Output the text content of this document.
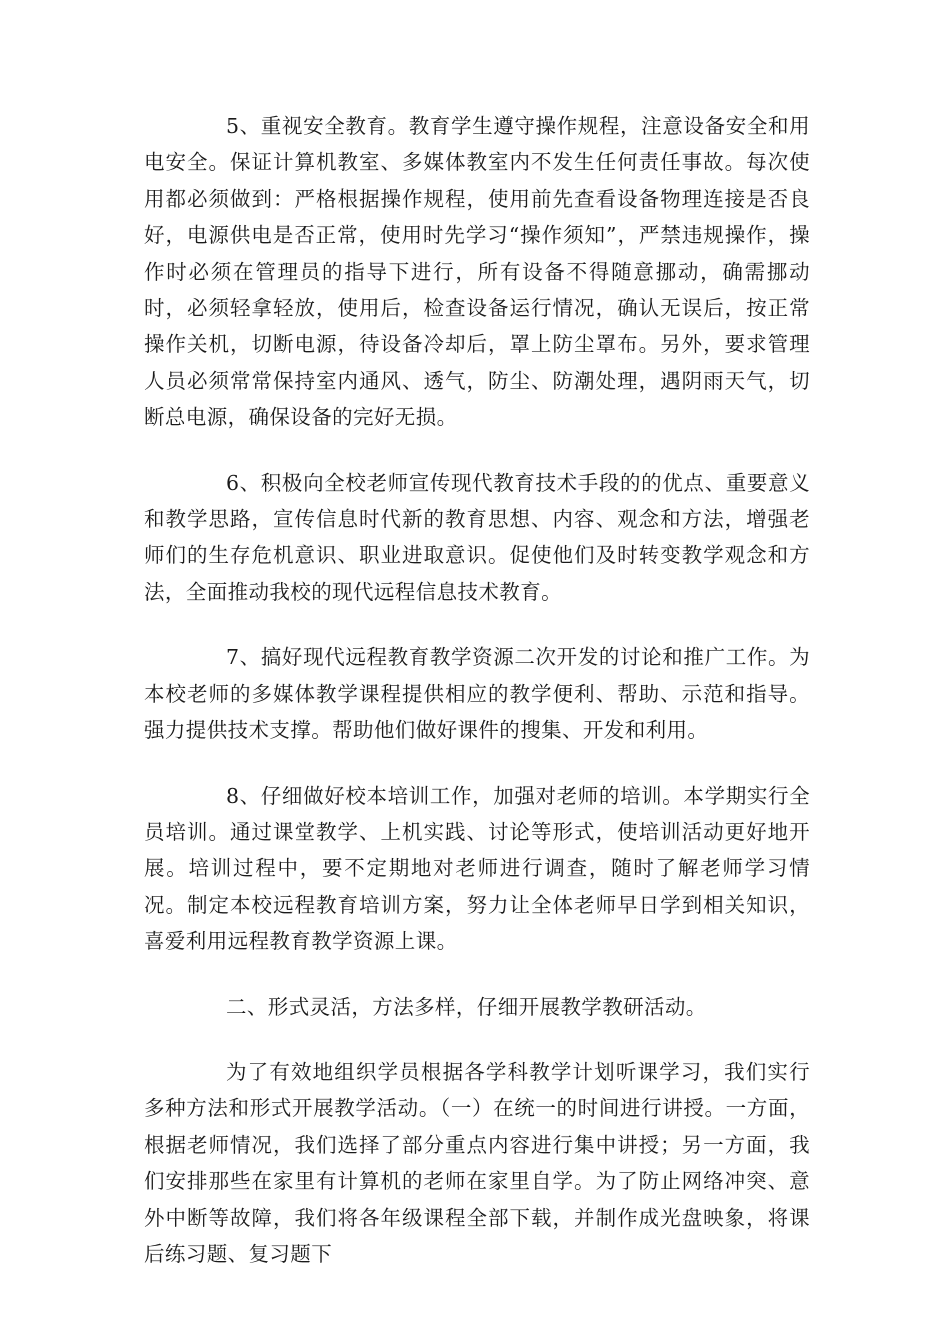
5、重视安全教育。教育学生遵守操作规程，注意设备安全和用电安全。保证计算机教室、多媒体教室内不发生任何责任事故。每次使用都必须做到：严格根据操作规程，使用前先查看设备物理连接是否良好，电源供电是否正常，使用时先学习“操作须知”，严禁违规操作，操作时必须在管理员的指导下进行，所有设备不得随意挪动，确需挪动时，必须轻拿轻放，使用后，检查设备运行情况，确认无误后，按正常操作关机，切断电源，待设备冷却后，罩上防尘罩布。另外，要求管理人员必须常常保持室内通风、透气，防尘、防潮处理，遇阴雨天气，切断总电源，确保设备的完好无损。

6、积极向全校老师宣传现代教育技术手段的的优点、重要意义和教学思路，宣传信息时代新的教育思想、内容、观念和方法，增强老师们的生存危机意识、职业进取意识。促使他们及时转变教学观念和方法，全面推动我校的现代远程信息技术教育。

7、搞好现代远程教育教学资源二次开发的讨论和推广工作。为本校老师的多媒体教学课程提供相应的教学便利、帮助、示范和指导。强力提供技术支撑。帮助他们做好课件的搜集、开发和利用。

8、仔细做好校本培训工作，加强对老师的培训。本学期实行全员培训。通过课堂教学、上机实践、讨论等形式，使培训活动更好地开展。培训过程中，要不定期地对老师进行调查，随时了解老师学习情况。制定本校远程教育培训方案，努力让全体老师早日学到相关知识，喜爱利用远程教育教学资源上课。

二、形式灵活，方法多样，仔细开展教学教研活动。

为了有效地组织学员根据各学科教学计划听课学习，我们实行多种方法和形式开展教学活动。（一）在统一的时间进行讲授。一方面，根据老师情况，我们选择了部分重点内容进行集中讲授；另一方面，我们安排那些在家里有计算机的老师在家里自学。为了防止网络冲突、意外中断等故障，我们将各年级课程全部下载，并制作成光盘映象，将课后练习题、复习题下
